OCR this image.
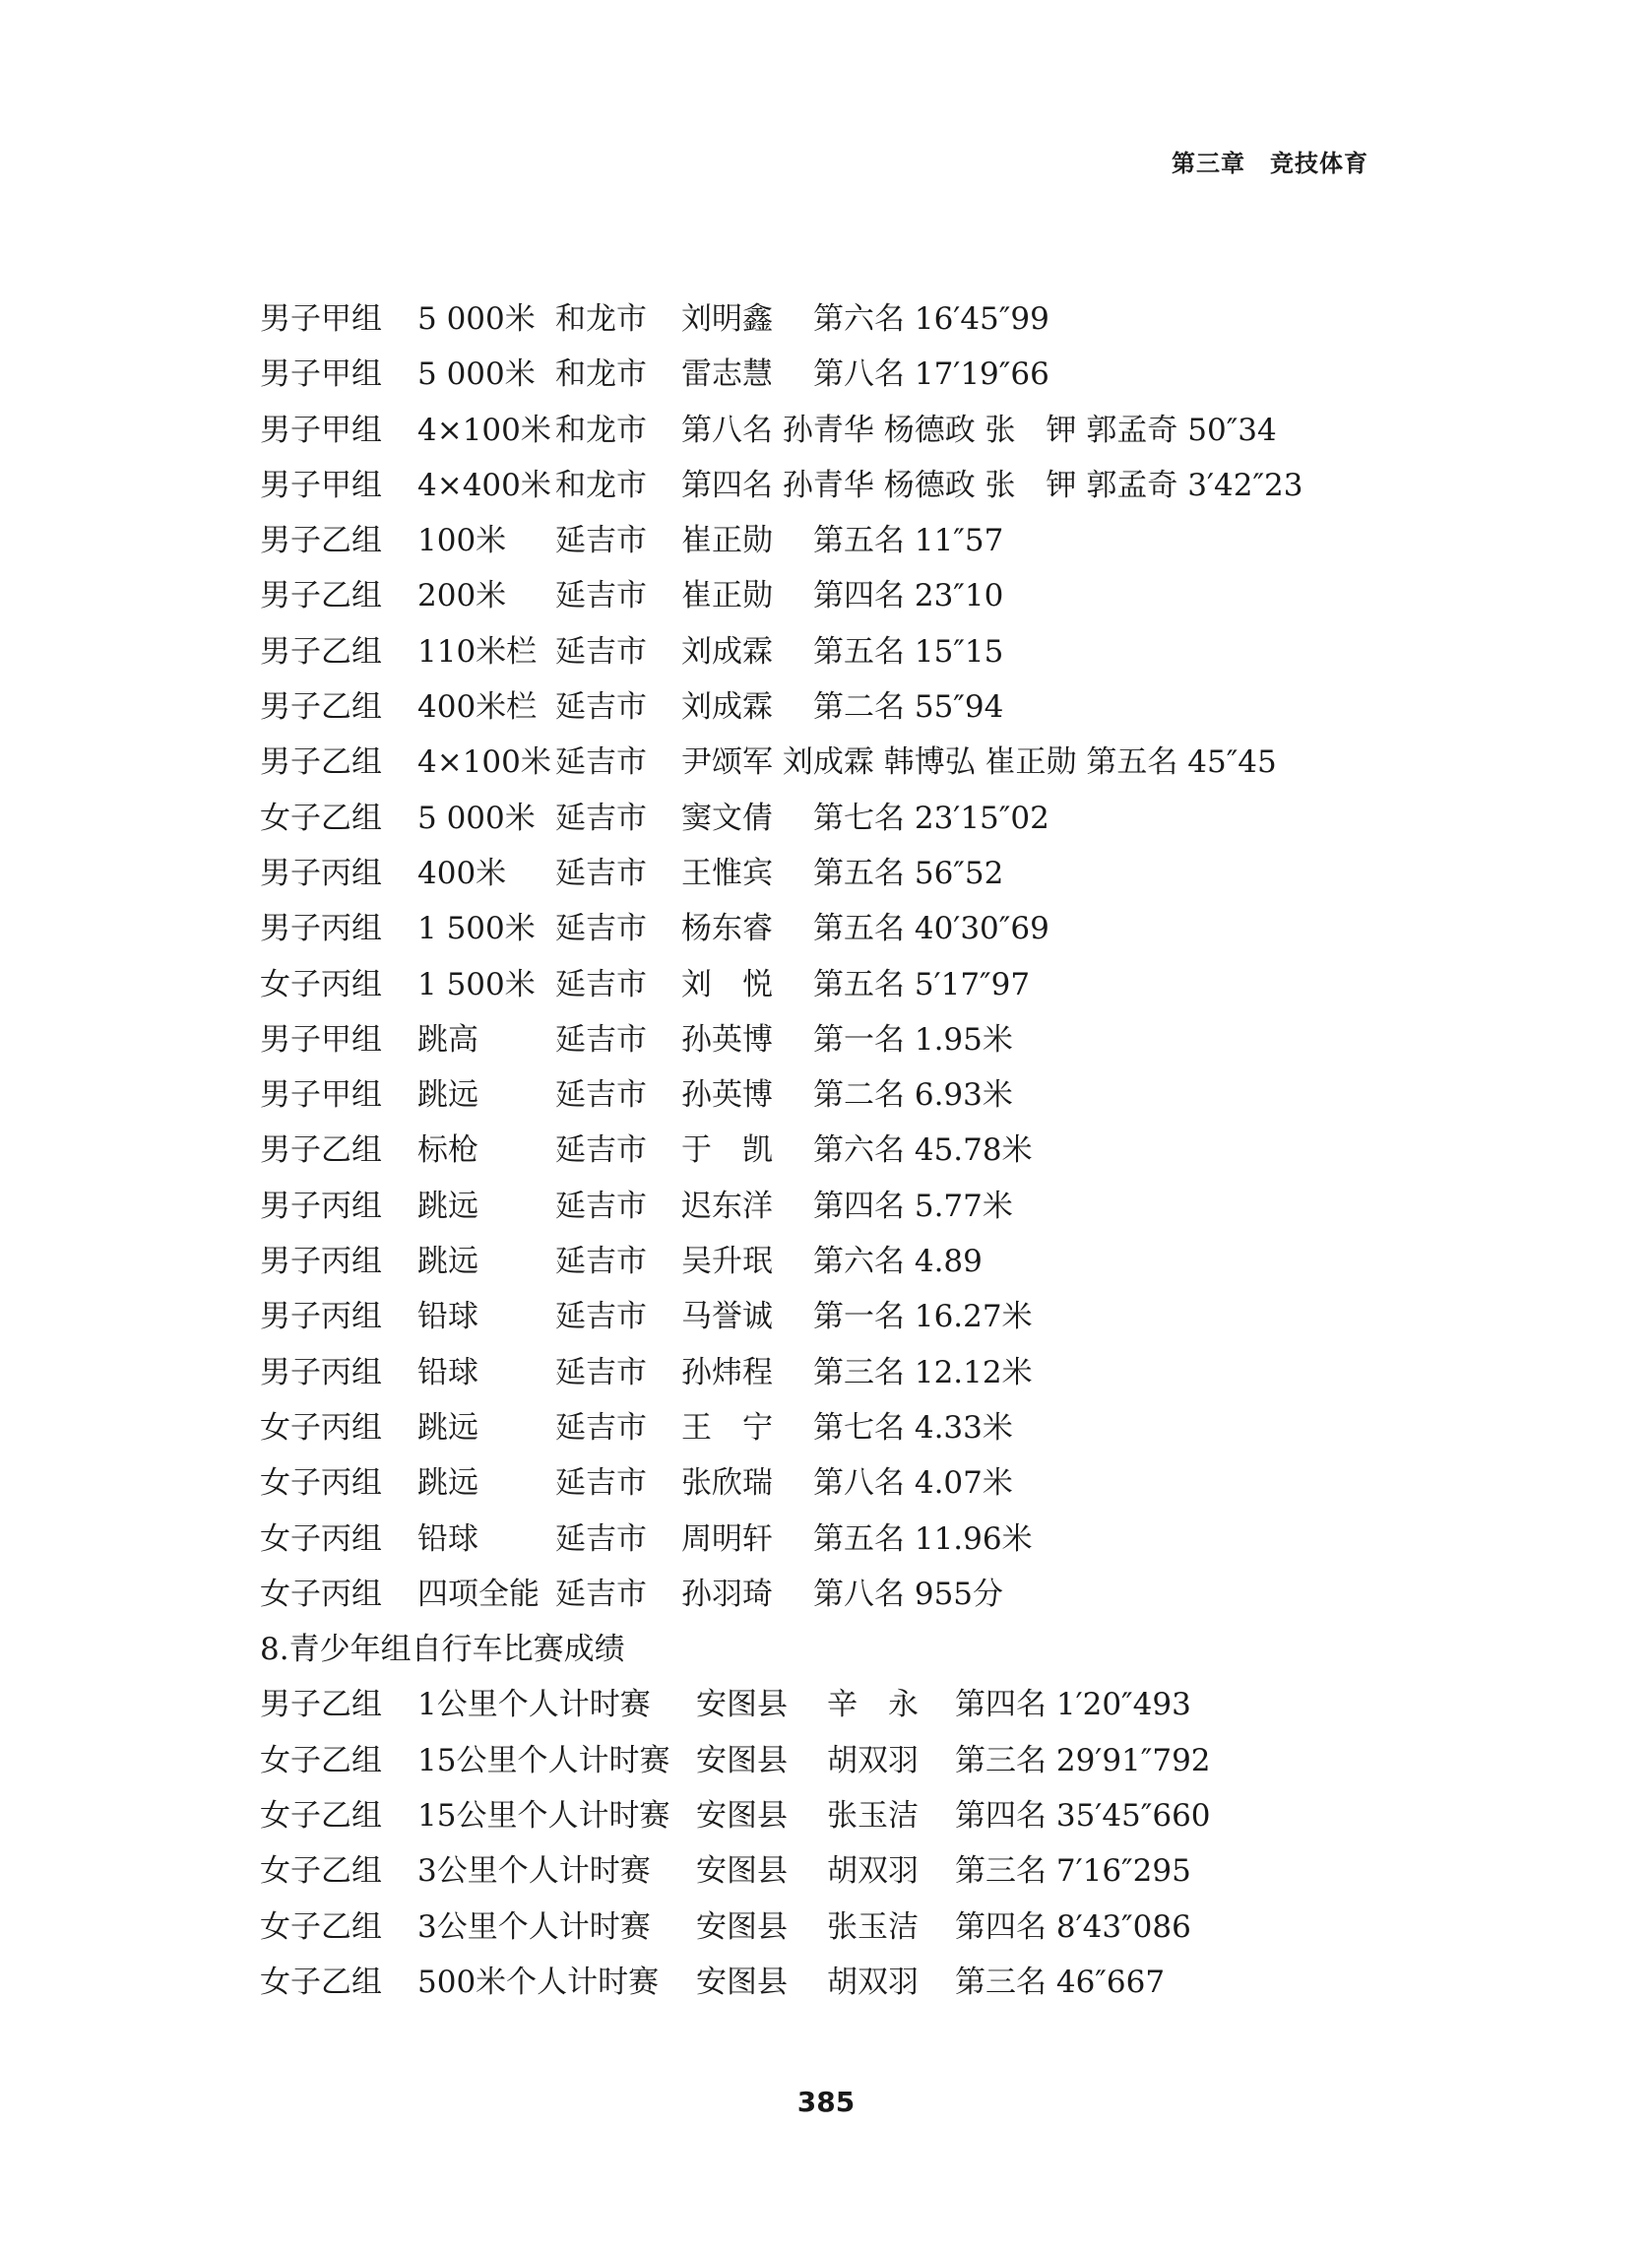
第三章　 竞技体育
男子甲组 5 000米 和龙市 刘明鑫 第六名 16′45″99
男子甲组 5 000米 和龙市 雷志慧 第八名 17′19″66
男子甲组 4×100米 和龙市 第八名 孙青华 杨德政 张　钾 郭孟奇 50″34
男子甲组 4×400米 和龙市 第四名 孙青华 杨德政 张　钾 郭孟奇 3′42″23
男子乙组 100米 延吉市 崔正勋 第五名 11″57
男子乙组 200米 延吉市 崔正勋 第四名 23″10
男子乙组 110米栏 延吉市 刘成霖 第五名 15″15
男子乙组 400米栏 延吉市 刘成霖 第二名 55″94
男子乙组 4×100米 延吉市 尹颂军 刘成霖 韩博弘 崔正勋 第五名 45″45
女子乙组 5 000米 延吉市 窦文倩 第七名 23′15″02
男子丙组 400米 延吉市 王惟宾 第五名 56″52
男子丙组 1 500米 延吉市 杨东睿 第五名 40′30″69
女子丙组 1 500米 延吉市 刘　悦 第五名 5′17″97
男子甲组 跳高	延吉市 孙英博 第一名 1.95米
男子甲组 跳远	延吉市 孙英博 第二名 6.93米
男子乙组 标枪	延吉市 于　凯 第六名 45.78米
男子丙组 跳远	延吉市 迟东洋 第四名 5.77米
男子丙组 跳远	延吉市 吴升珉 第六名 4.89
男子丙组 铅球	延吉市 马誉诚 第一名 16.27米
男子丙组 铅球	延吉市 孙炜程 第三名 12.12米
女子丙组 跳远	延吉市 王　宁 第七名 4.33米
女子丙组 跳远	延吉市 张欣瑞 第八名 4.07米
女子丙组 铅球	延吉市 周明轩 第五名 11.96米
女子丙组 四项全能 延吉市 孙羽琦 第八名 955分
8.青少年组自行车比赛成绩
男子乙组 1公里个人计时赛 安图县 辛　永 第四名 1′20″493
女子乙组 15公里个人计时赛 安图县 胡双羽 第三名 29′91″792
女子乙组 15公里个人计时赛 安图县 张玉洁 第四名 35′45″660
女子乙组 3公里个人计时赛 安图县 胡双羽 第三名 7′16″295
女子乙组 3公里个人计时赛 安图县 张玉洁 第四名 8′43″086
女子乙组 500米个人计时赛 安图县 胡双羽 第三名 46″667
385
